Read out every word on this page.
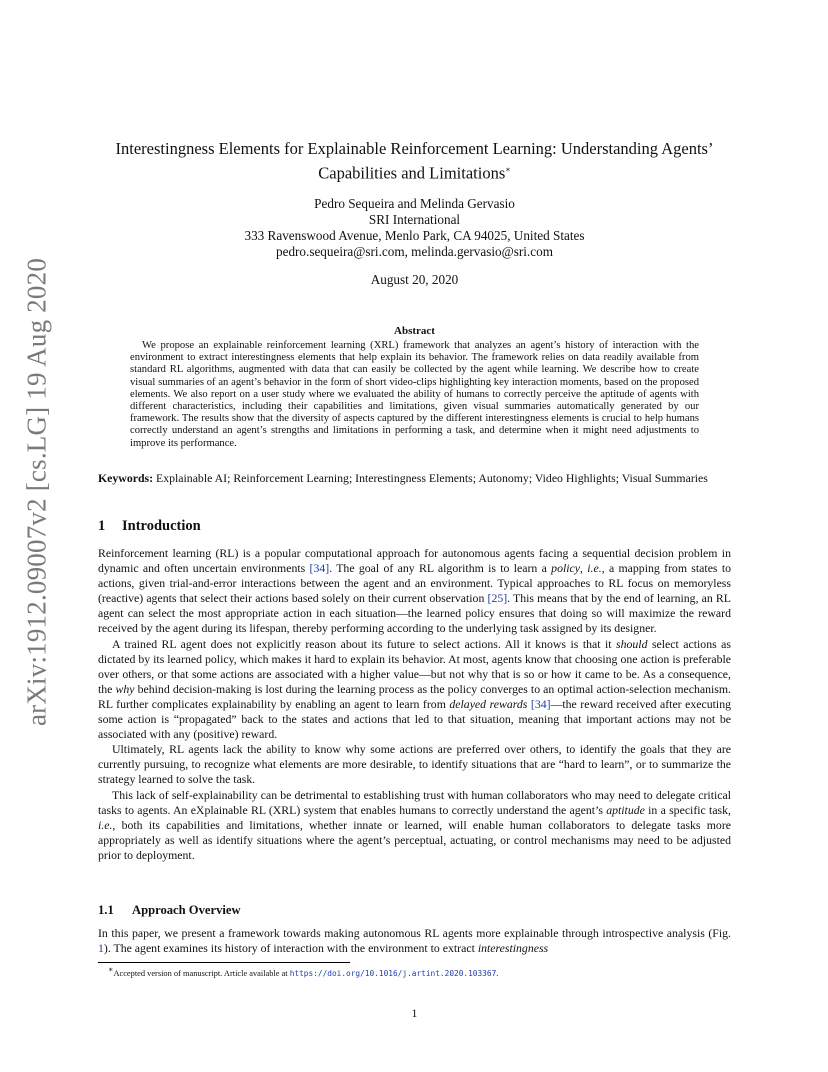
arXiv:1912.09007v2 [cs.LG] 19 Aug 2020
Interestingness Elements for Explainable Reinforcement Learning: Understanding Agents’
Capabilities and Limitations∗
Pedro Sequeira and Melinda Gervasio
SRI International
333 Ravenswood Avenue, Menlo Park, CA 94025, United States
pedro.sequeira@sri.com, melinda.gervasio@sri.com
August 20, 2020
Abstract

We propose an explainable reinforcement learning (XRL) framework that analyzes an agent’s history of interaction with the environment to extract interestingness elements that help explain its behavior. The framework relies on data readily available from standard RL algorithms, augmented with data that can easily be collected by the agent while learning. We describe how to create visual summaries of an agent’s behavior in the form of short video-clips highlighting key interaction moments, based on the proposed elements. We also report on a user study where we evaluated the ability of humans to correctly perceive the aptitude of agents with different characteristics, including their capabilities and limitations, given visual summaries automatically generated by our framework. The results show that the diversity of aspects captured by the different interestingness elements is crucial to help humans correctly understand an agent’s strengths and limitations in performing a task, and determine when it might need adjustments to improve its performance.

Keywords: Explainable AI; Reinforcement Learning; Interestingness Elements; Autonomy; Video Highlights; Visual Summaries

1 Introduction

Reinforcement learning (RL) is a popular computational approach for autonomous agents facing a sequential decision problem in dynamic and often uncertain environments [34]. The goal of any RL algorithm is to learn a policy, i.e., a mapping from states to actions, given trial-and-error interactions between the agent and an environment. Typical approaches to RL focus on memoryless (reactive) agents that select their actions based solely on their current observation [25]. This means that by the end of learning, an RL agent can select the most appropriate action in each situation—the learned policy ensures that doing so will maximize the reward received by the agent during its lifespan, thereby performing according to the underlying task assigned by its designer.

A trained RL agent does not explicitly reason about its future to select actions. All it knows is that it should select actions as dictated by its learned policy, which makes it hard to explain its behavior. At most, agents know that choosing one action is preferable over others, or that some actions are associated with a higher value—but not why that is so or how it came to be. As a consequence, the why behind decision-making is lost during the learning process as the policy converges to an optimal action-selection mechanism. RL further complicates explainability by enabling an agent to learn from delayed rewards [34]—the reward received after executing some action is “propagated” back to the states and actions that led to that situation, meaning that important actions may not be associated with any (positive) reward.

Ultimately, RL agents lack the ability to know why some actions are preferred over others, to identify the goals that they are currently pursuing, to recognize what elements are more desirable, to identify situations that are “hard to learn”, or to summarize the strategy learned to solve the task.

This lack of self-explainability can be detrimental to establishing trust with human collaborators who may need to delegate critical tasks to agents. An eXplainable RL (XRL) system that enables humans to correctly understand the agent’s aptitude in a specific task, i.e., both its capabilities and limitations, whether innate or learned, will enable human collaborators to delegate tasks more appropriately as well as identify situations where the agent’s perceptual, actuating, or control mechanisms may need to be adjusted prior to deployment.

1.1 Approach Overview

In this paper, we present a framework towards making autonomous RL agents more explainable through introspective analysis (Fig. 1). The agent examines its history of interaction with the environment to extract interestingness

∗Accepted version of manuscript. Article available at https://doi.org/10.1016/j.artint.2020.103367.

1
